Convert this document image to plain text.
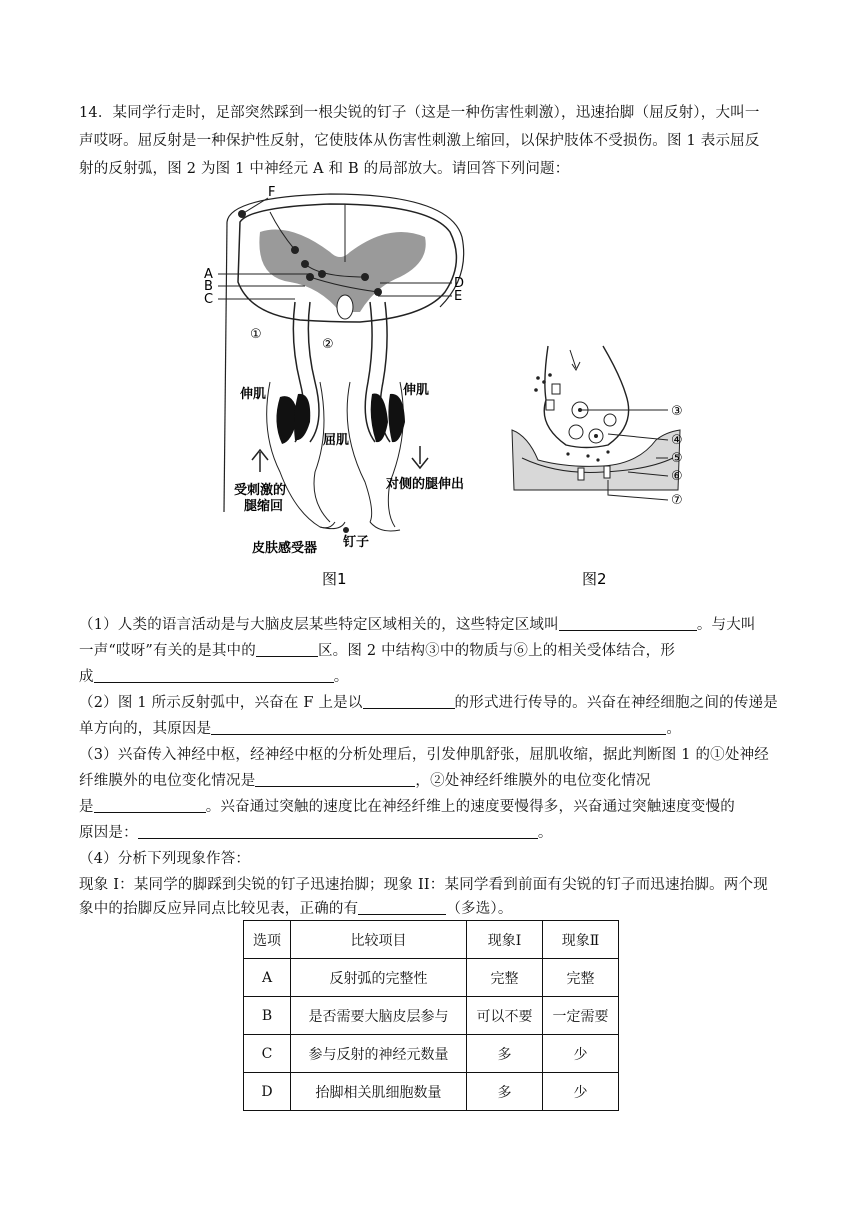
14．某同学行走时，足部突然踩到一根尖锐的钉子（这是一种伤害性刺激），迅速抬脚（屈反射），大叫一
声哎呀。屈反射是一种保护性反射，它使肢体从伤害性刺激上缩回，以保护肢体不受损伤。图 1 表示屈反
射的反射弧，图 2 为图 1 中神经元 A 和 B 的局部放大。请回答下列问题：
F
A
B
C
D
E
①
②
伸肌	伸肌
屈肌
受刺激的
腿缩回
对侧的腿伸出
皮肤感受器 钉子
图1
③
④
⑤
⑥
⑦
图2
（1）人类的语言活动是与大脑皮层某些特定区域相关的，这些特定区域叫	。与大叫
一声“哎呀”有关的是其中的	区。图 2 中结构③中的物质与⑥上的相关受体结合，形
成	。
（2）图 1 所示反射弧中，兴奋在 F 上是以	的形式进行传导的。兴奋在神经细胞之间的传递是
单方向的，其原因是	。
（3）兴奋传入神经中枢，经神经中枢的分析处理后，引发伸肌舒张，屈肌收缩，据此判断图 1 的①处神经
纤维膜外的电位变化情况是	，②处神经纤维膜外的电位变化情况
是	。兴奋通过突触的速度比在神经纤维上的速度要慢得多，兴奋通过突触速度变慢的
原因是：	。
（4）分析下列现象作答：
现象 I：某同学的脚踩到尖锐的钉子迅速抬脚；现象 II：某同学看到前面有尖锐的钉子而迅速抬脚。两个现
象中的抬脚反应异同点比较见表，正确的有	（多选）。
选项	比较项目	现象Ⅰ	现象Ⅱ
A	反射弧的完整性	完整	完整
B	是否需要大脑皮层参与	可以不要	一定需要
C	参与反射的神经元数量	多	少
D	抬脚相关肌细胞数量	多	少
